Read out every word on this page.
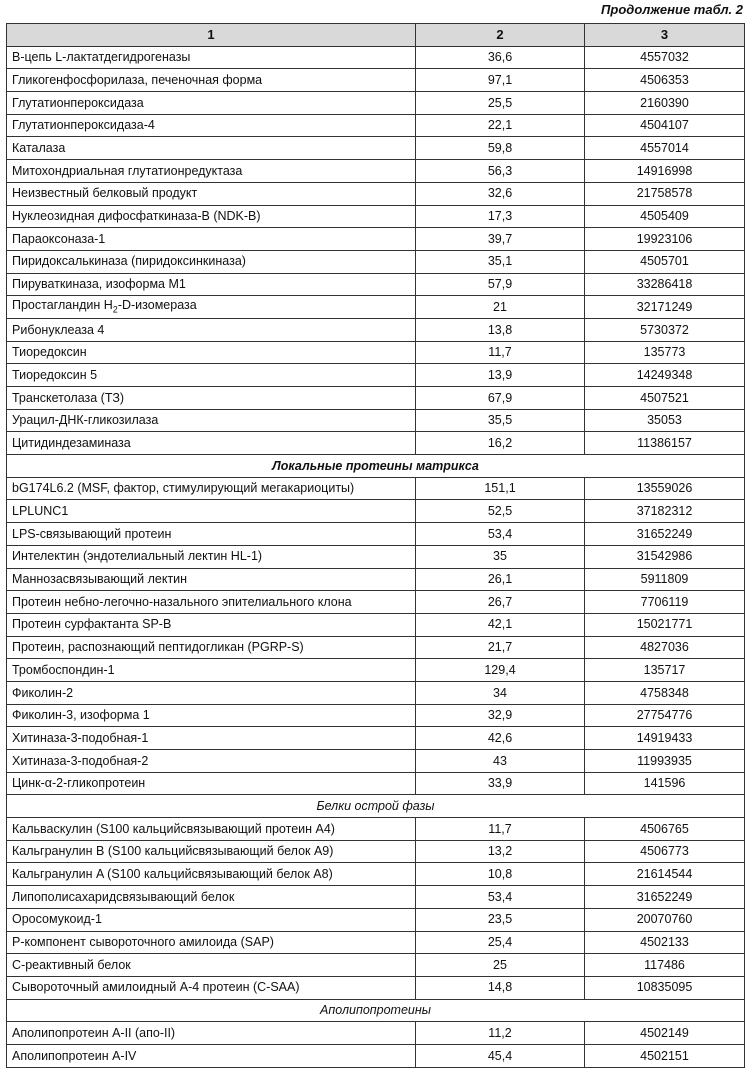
Продолжение табл. 2
1	2	3
B-цепь L-лактатдегидрогеназы	36,6	4557032
Гликогенфосфорилаза, печеночная форма	97,1	4506353
Глутатионпероксидаза	25,5	2160390
Глутатионпероксидаза-4	22,1	4504107
Каталаза	59,8	4557014
Митохондриальная глутатионредуктаза	56,3	14916998
Неизвестный белковый продукт	32,6	21758578
Нуклеозидная дифосфаткиназа-B (NDK-B)	17,3	4505409
Параоксоназа-1	39,7	19923106
Пиридоксалькиназа (пиридоксинкиназа)	35,1	4505701
Пируваткиназа, изоформа M1	57,9	33286418
Простагландин $H_2-D$-изомераза	21	32171249
Рибонуклеаза 4	13,8	5730372
Тиоредоксин	11,7	135773
Тиоредоксин 5	13,9	14249348
Транскетолаза (ТЗ)	67,9	4507521
Урацил-ДНК-гликозилаза	35,5	35053
Цитидиндезаминаза	16,2	11386157
Локальные протеины матрикса		
bG174L6.2 (MSF, фактор, стимулирующий мегакариоциты)	151,1	13559026
LPLUNC1	52,5	37182312
LPS-связывающий протеин	53,4	31652249
Интелектин (эндотелиальный лектин HL-1)	35	31542986
Маннозасвязывающий лектин	26,1	5911809
Протеин небно-легочно-назального эпителиального клона	26,7	7706119
Протеин сурфактанта SP-B	42,1	15021771
Протеин, распознающий пептидогликан (PGRP-S)	21,7	4827036
Тромбоспондин-1	129,4	135717
Фиколин-2	34	4758348
Фиколин-3, изоформа 1	32,9	27754776
Хитиназа-3-подобная-1	42,6	14919433
Хитиназа-3-подобная-2	43	11993935
Цинк-α-2-гликопротеин	33,9	141596
Белки острой фазы		
Кальваскулин (S100 кальцийсвязывающий протеин A4)	11,7	4506765
Кальгранулин B (S100 кальцийсвязывающий белок A9)	13,2	4506773
Кальгранулин A (S100 кальцийсвязывающий белок A8)	10,8	21614544
Липополисахаридсвязывающий белок	53,4	31652249
Оросомукоид-1	23,5	20070760
P-компонент сывороточного амилоида (SAP)	25,4	4502133
C-реактивный белок	25	117486
Сывороточный амилоидный A-4 протеин (C-SAA)	14,8	10835095
Аполипопротеины		
Аполипопротеин A-II (апо-II)	11,2	4502149
Аполипопротеин A-IV	45,4	4502151
